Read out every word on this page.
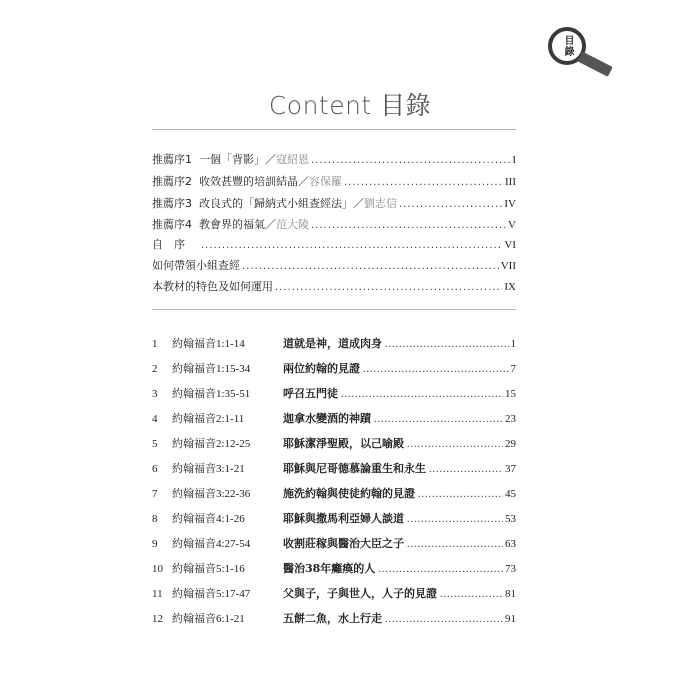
目錄
Content 目錄
推薦序1 一個「背影」／ 寇紹恩 .....	I
推薦序2 收效甚豐的培訓結晶／ 容保羅 .....	III
推薦序3 改良式的「歸納式小組查經法」／ 劉志信 .....	IV
推薦序4 教會界的福氣／ 范大陵 .....	V
自　序 .....	VI
如何帶領小組查經 .....	VII
本教材的特色及如何運用 .....	IX
1 約翰福音1:1-14	道就是神，道成肉身 .....	1
2 約翰福音1:15-34	兩位約翰的見證 .....	7
3 約翰福音1:35-51	呼召五門徒 .....	15
4 約翰福音2:1-11	迦拿水變酒的神蹟 .....	23
5 約翰福音2:12-25	耶穌潔淨聖殿，以己喻殿 .....	29
6 約翰福音3:1-21	耶穌與尼哥德慕論重生和永生 .....	37
7 約翰福音3:22-36	施洗約翰與使徒約翰的見證 .....	45
8 約翰福音4:1-26	耶穌與撒馬利亞婦人談道 .....	53
9 約翰福音4:27-54	收割莊稼與醫治大臣之子 .....	63
10 約翰福音5:1-16	醫治38年癱瘓的人 .....	73
11 約翰福音5:17-47	父與子，子與世人，人子的見證 .....	81
12 約翰福音6:1-21	五餅二魚，水上行走 .....	91
